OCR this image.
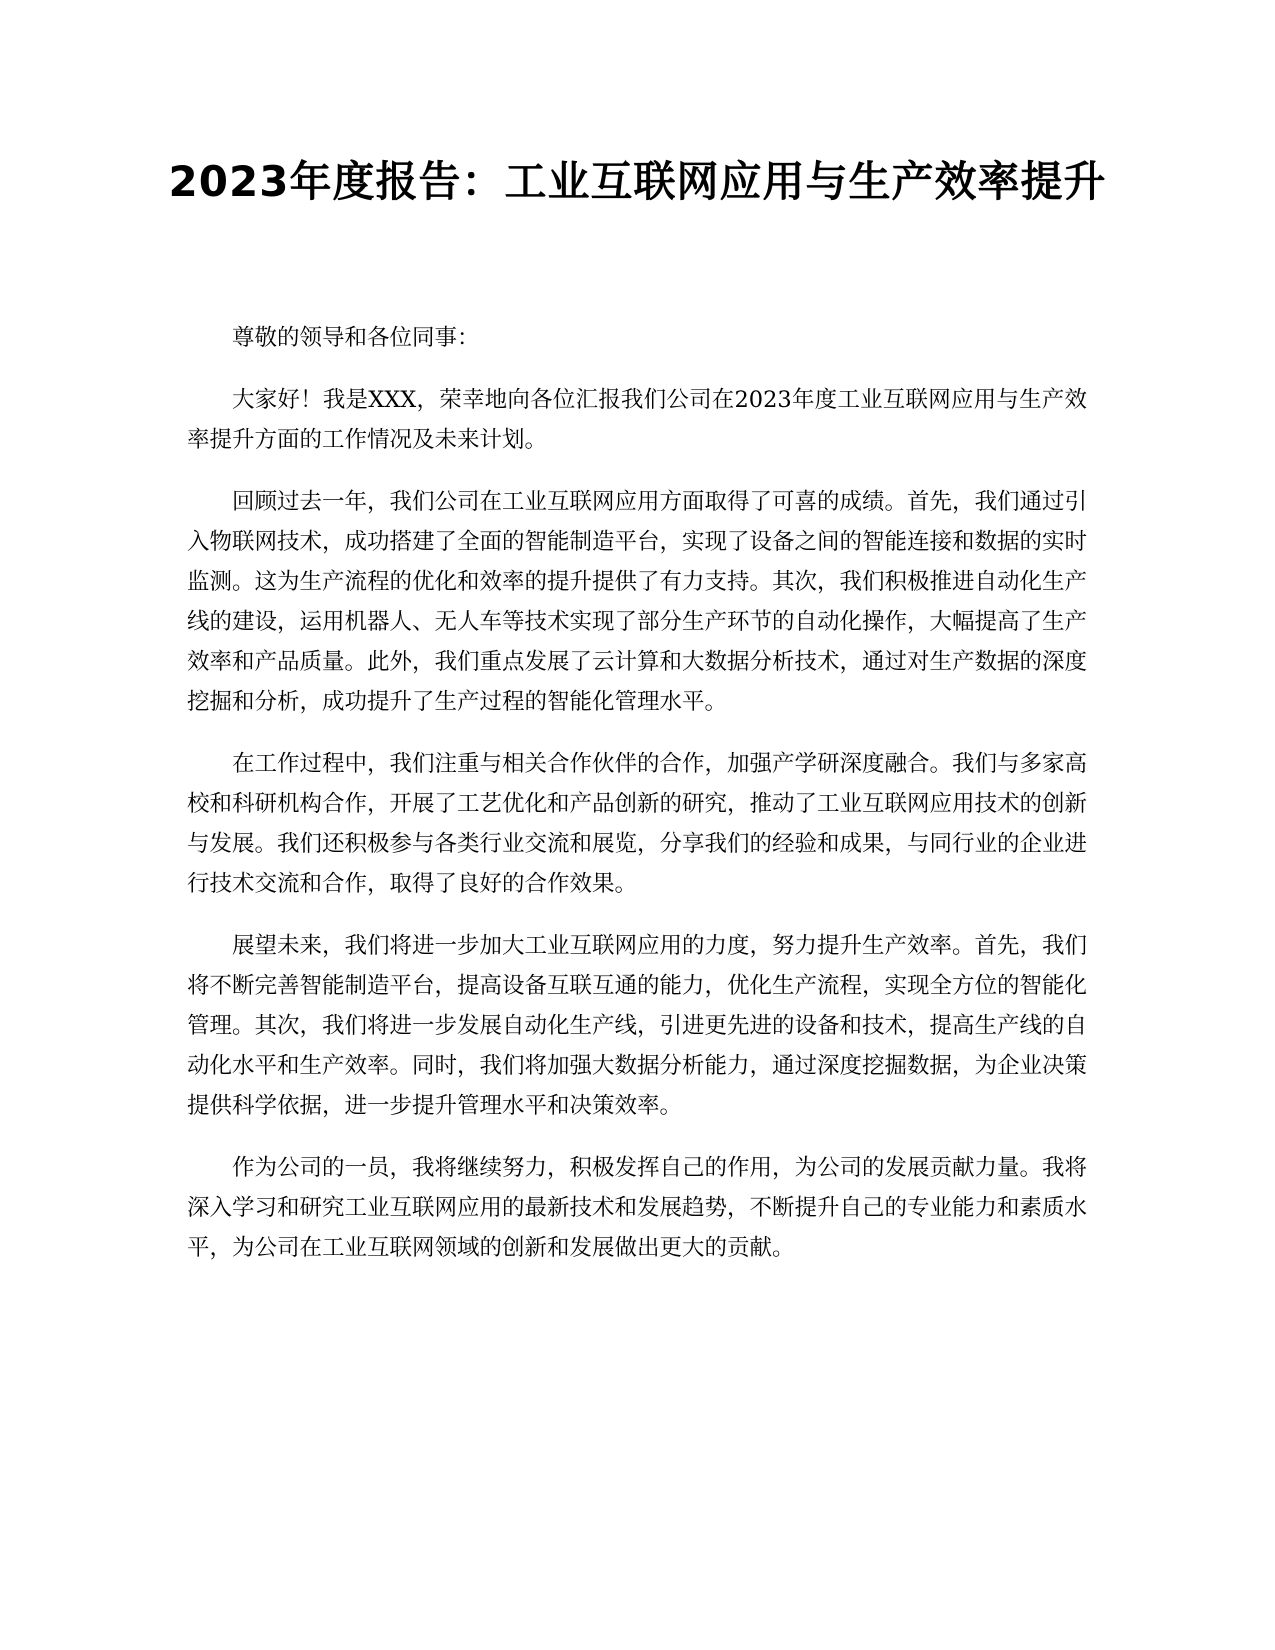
2023年度报告：工业互联网应用与生产效率提升

尊敬的领导和各位同事：

大家好！我是XXX，荣幸地向各位汇报我们公司在2023年度工业互联网应用与生产效率提升方面的工作情况及未来计划。

回顾过去一年，我们公司在工业互联网应用方面取得了可喜的成绩。首先，我们通过引入物联网技术，成功搭建了全面的智能制造平台，实现了设备之间的智能连接和数据的实时监测。这为生产流程的优化和效率的提升提供了有力支持。其次，我们积极推进自动化生产线的建设，运用机器人、无人车等技术实现了部分生产环节的自动化操作，大幅提高了生产效率和产品质量。此外，我们重点发展了云计算和大数据分析技术，通过对生产数据的深度挖掘和分析，成功提升了生产过程的智能化管理水平。

在工作过程中，我们注重与相关合作伙伴的合作，加强产学研深度融合。我们与多家高校和科研机构合作，开展了工艺优化和产品创新的研究，推动了工业互联网应用技术的创新与发展。我们还积极参与各类行业交流和展览，分享我们的经验和成果，与同行业的企业进行技术交流和合作，取得了良好的合作效果。

展望未来，我们将进一步加大工业互联网应用的力度，努力提升生产效率。首先，我们将不断完善智能制造平台，提高设备互联互通的能力，优化生产流程，实现全方位的智能化管理。其次，我们将进一步发展自动化生产线，引进更先进的设备和技术，提高生产线的自动化水平和生产效率。同时，我们将加强大数据分析能力，通过深度挖掘数据，为企业决策提供科学依据，进一步提升管理水平和决策效率。

作为公司的一员，我将继续努力，积极发挥自己的作用，为公司的发展贡献力量。我将深入学习和研究工业互联网应用的最新技术和发展趋势，不断提升自己的专业能力和素质水平，为公司在工业互联网领域的创新和发展做出更大的贡献。
